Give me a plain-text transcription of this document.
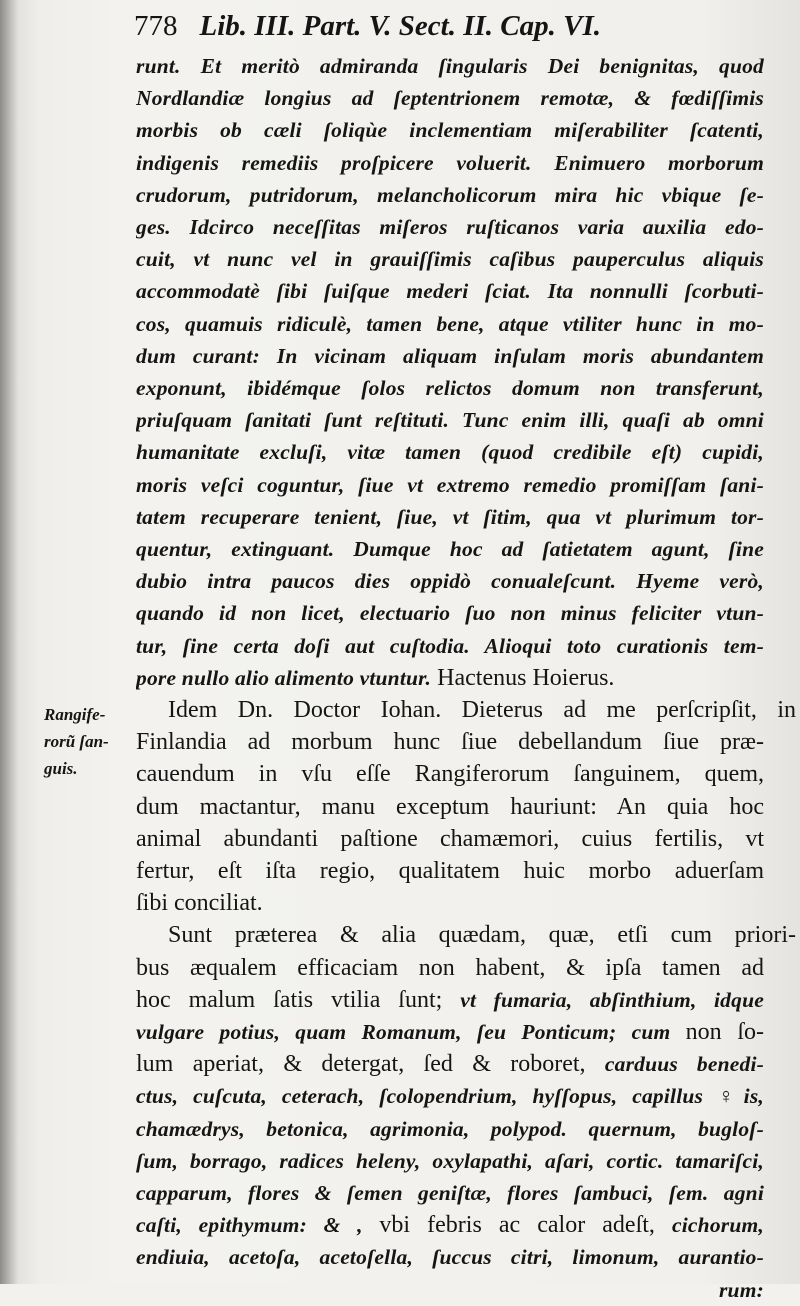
778 Lib. III. Part. V. Sect. II. Cap. VI.
runt. Et meritò admiranda ſingularis Dei benignitas, quod
Nordlandiæ longius ad ſeptentrionem remotæ, & fœdiſſimis
morbis ob cæli ſoliqùe inclementiam miſerabiliter ſcatenti,
indigenis remediis proſpicere voluerit. Enimuero morborum
crudorum, putridorum, melancholicorum mira hic vbique ſe-
ges. Idcirco neceſſitas miſeros ruſticanos varia auxilia edo-
cuit, vt nunc vel in grauiſſimis caſibus pauperculus aliquis
accommodatè ſibi ſuiſque mederi ſciat. Ita nonnulli ſcorbuti-
cos, quamuis ridiculè, tamen bene, atque vtiliter hunc in mo-
dum curant: In vicinam aliquam inſulam moris abundantem
exponunt, ibidémque ſolos relictos domum non transferunt,
priuſquam ſanitati ſunt reſtituti. Tunc enim illi, quaſi ab omni
humanitate excluſi, vitæ tamen (quod credibile eſt) cupidi,
moris veſci coguntur, ſiue vt extremo remedio promiſſam ſani-
tatem recuperare tenient, ſiue, vt ſitim, qua vt plurimum tor-
quentur, extinguant. Dumque hoc ad ſatietatem agunt, ſine
dubio intra paucos dies oppidò conualeſcunt. Hyeme verò,
quando id non licet, electuario ſuo non minus feliciter vtun-
tur, ſine certa doſi aut cuſtodia. Alioqui toto curationis tem-
pore nullo alio alimento vtuntur. Hactenus Hoierus.
Idem Dn. Doctor Iohan. Dieterus ad me perſcripſit, in
Finlandia ad morbum hunc ſiue debellandum ſiue præ-
cauendum in vſu eſſe Rangiferorum ſanguinem, quem,
dum mactantur, manu exceptum hauriunt: An quia hoc
animal abundanti paſtione chamæmori, cuius fertilis, vt
fertur, eſt iſta regio, qualitatem huic morbo aduerſam
ſibi conciliat.
Sunt præterea & alia quædam, quæ, etſi cum priori-
bus æqualem efficaciam non habent, & ipſa tamen ad
hoc malum ſatis vtilia ſunt; vt fumaria, abſinthium, idque
vulgare potius, quam Romanum, ſeu Ponticum; cum non ſo-
lum aperiat, & detergat, ſed & roboret, carduus benedi-
ctus, cuſcuta, ceterach, ſcolopendrium, hyſſopus, capillus ♀is,
chamædrys, betonica, agrimonia, polypod. quernum, bugloſ-
ſum, borrago, radices heleny, oxylapathi, aſari, cortic. tamariſci,
capparum, flores & ſemen geniſtæ, flores ſambuci, ſem. agni
caſti, epithymum: & , vbi febris ac calor adeſt, cichorum,
endiuia, acetoſa, acetoſella, ſuccus citri, limonum, aurantio-
rum:
Rangife-
rorũ ſan-
guis.
